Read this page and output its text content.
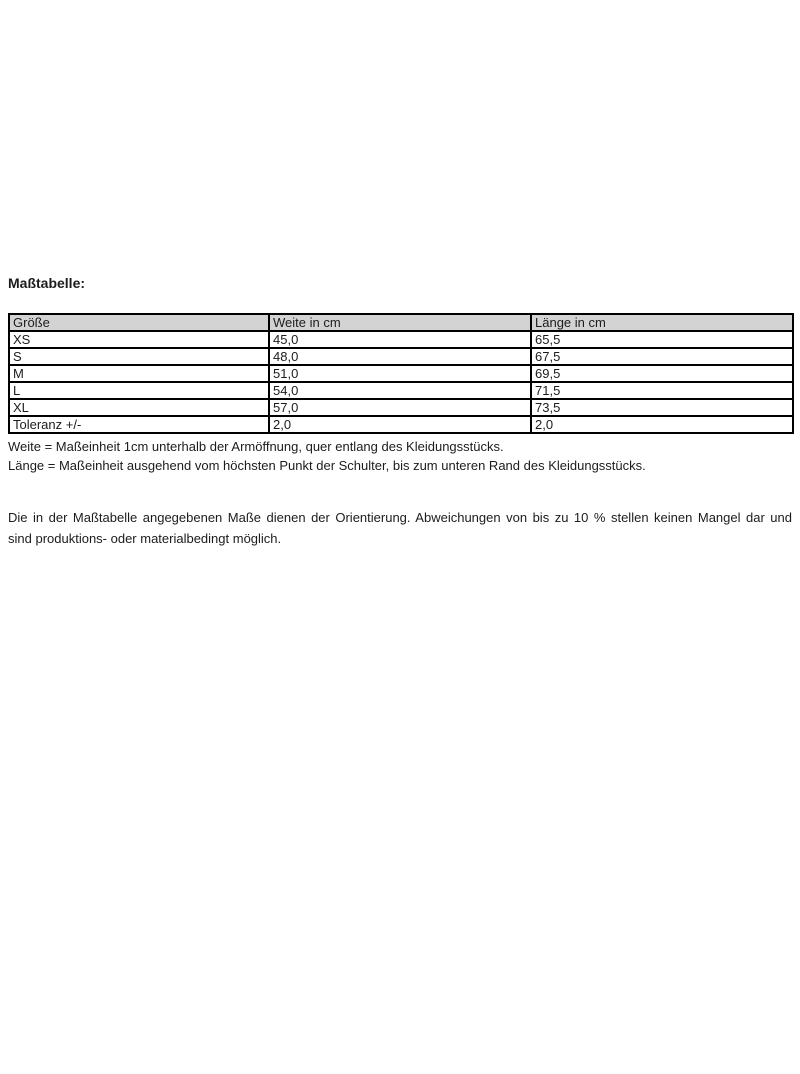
Maßtabelle:
Größe	Weite in cm	Länge in cm
XS	45,0	65,5
S	48,0	67,5
M	51,0	69,5
L	54,0	71,5
XL	57,0	73,5
Toleranz +/-	2,0	2,0
Weite = Maßeinheit 1cm unterhalb der Armöffnung, quer entlang des Kleidungsstücks.
Länge = Maßeinheit ausgehend vom höchsten Punkt der Schulter, bis zum unteren Rand des Kleidungsstücks.
Die in der Maßtabelle angegebenen Maße dienen der Orientierung. Abweichungen von bis zu 10 % stellen keinen Mangel dar und
sind produktions- oder materialbedingt möglich.
